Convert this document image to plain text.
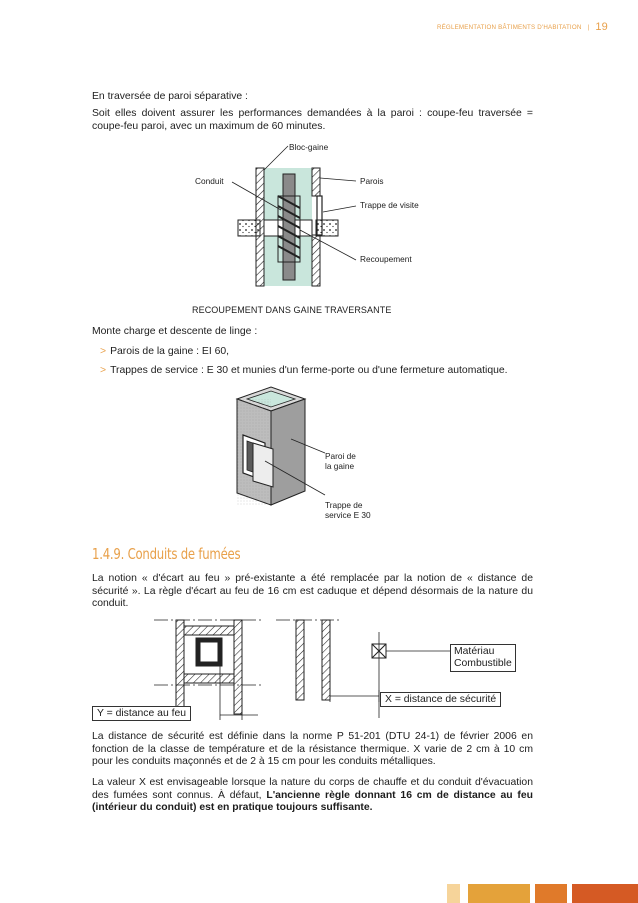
RÉGLEMENTATION BÂTIMENTS D'HABITATION | 19
En traversée de paroi séparative :
Soit elles doivent assurer les performances demandées à la paroi : coupe-feu traversée = coupe-feu paroi, avec un maximum de 60 minutes.
Bloc-gaine
Conduit	Parois
Trappe de visite
Recoupement
RECOUPEMENT DANS GAINE TRAVERSANTE
Monte charge et descente de linge :
> Parois de la gaine : EI 60,
> Trappes de service : E 30 et munies d'un ferme-porte ou d'une fermeture automatique.
Paroi de
la gaine
Trappe de
service E 30
1.4.9. Conduits de fumées
La notion « d'écart au feu » pré-existante a été remplacée par la notion de « distance de sécurité ». La règle d'écart au feu de 16 cm est caduque et dépend désormais de la nature du conduit.
Matériau
Combustible
X = distance de sécurité
Y = distance au feu
La distance de sécurité est définie dans la norme P 51-201 (DTU 24-1) de février 2006 en fonction de la classe de température et de la résistance thermique. X varie de 2 cm à 10 cm pour les conduits maçonnés et de 2 à 15 cm pour les conduits métalliques.
La valeur X est envisageable lorsque la nature du corps de chauffe et du conduit d'évacuation des fumées sont connus. À défaut, L'ancienne règle donnant 16 cm de distance au feu (intérieur du conduit) est en pratique toujours suffisante.
